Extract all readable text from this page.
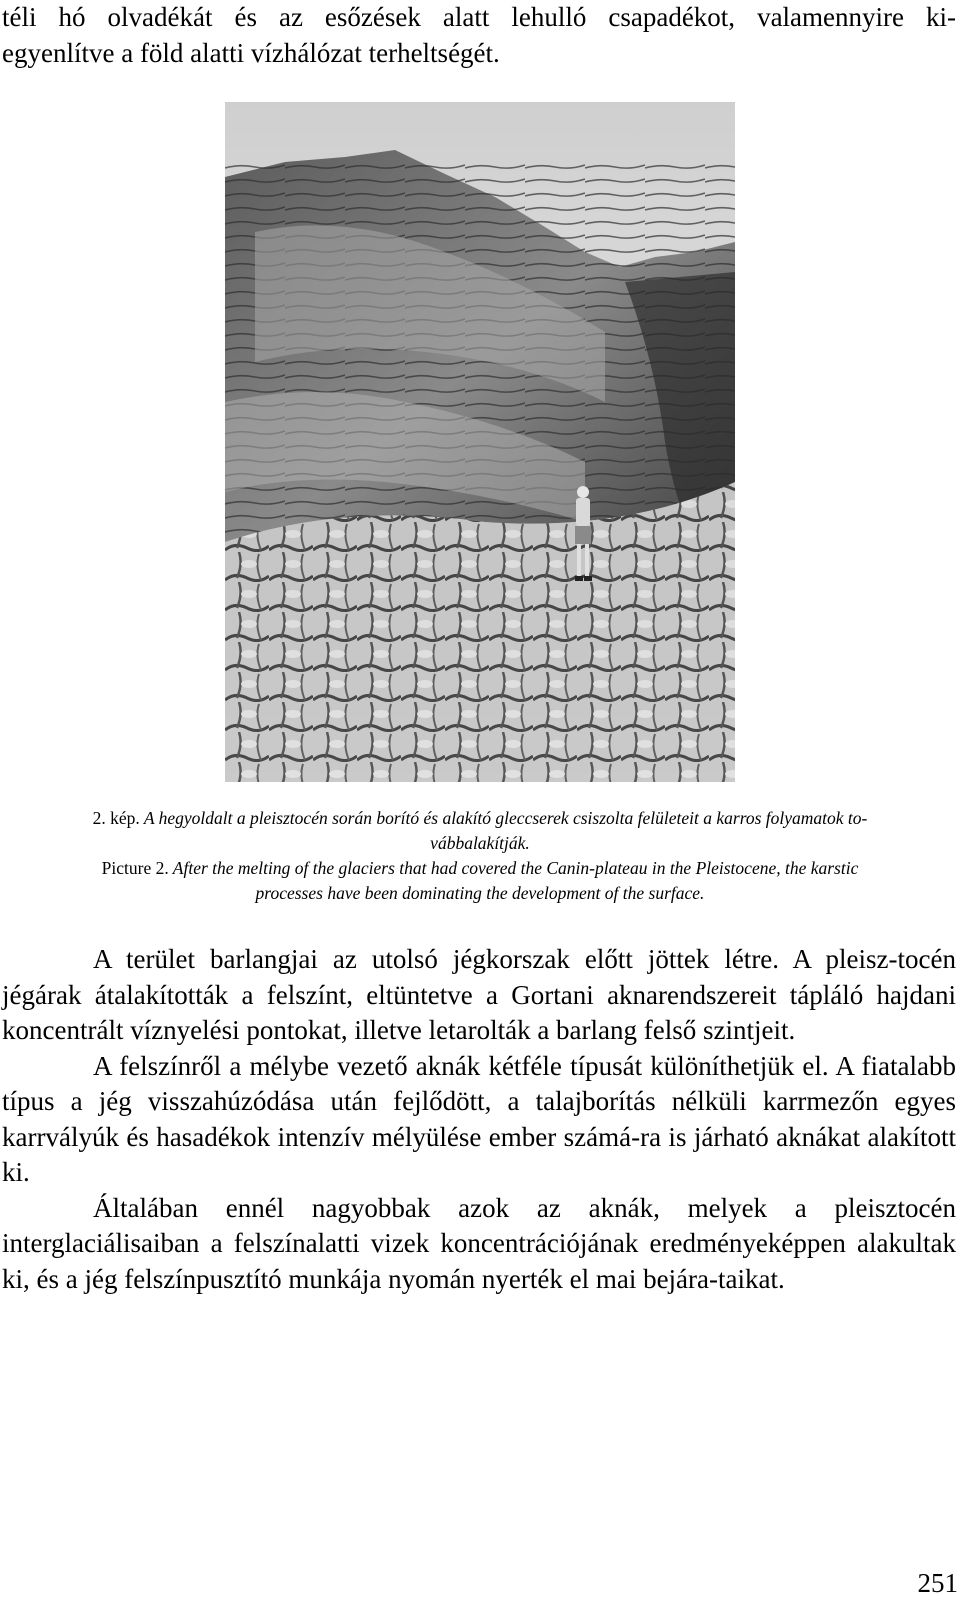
téli hó olvadékát és az esőzések alatt lehulló csapadékot, valamennyire ki-
egyenlítve a föld alatti vízhálózat terheltségét.
2. kép. A hegyoldalt a pleisztocén során borító és alakító gleccserek csiszolta felületeit a karros folyamatok to-
vábbalakítják.
Picture 2. After the melting of the glaciers that had covered the Canin-plateau in the Pleistocene, the karstic
processes have been dominating the development of the surface.

A terület barlangjai az utolsó jégkorszak előtt jöttek létre. A pleisz-tocén jégárak átalakították a felszínt, eltüntetve a Gortani aknarendszereit tápláló hajdani koncentrált víznyelési pontokat, illetve letarolták a barlang felső szintjeit.

A felszínről a mélybe vezető aknák kétféle típusát különíthetjük el. A fiatalabb típus a jég visszahúzódása után fejlődött, a talajborítás nélküli karrmezőn egyes karrvályúk és hasadékok intenzív mélyülése ember számá-ra is járható aknákat alakított ki.

Általában ennél nagyobbak azok az aknák, melyek a pleisztocén interglaciálisaiban a felszínalatti vizek koncentrációjának eredményeképpen alakultak ki, és a jég felszínpusztító munkája nyomán nyerték el mai bejára-taikat.

251
